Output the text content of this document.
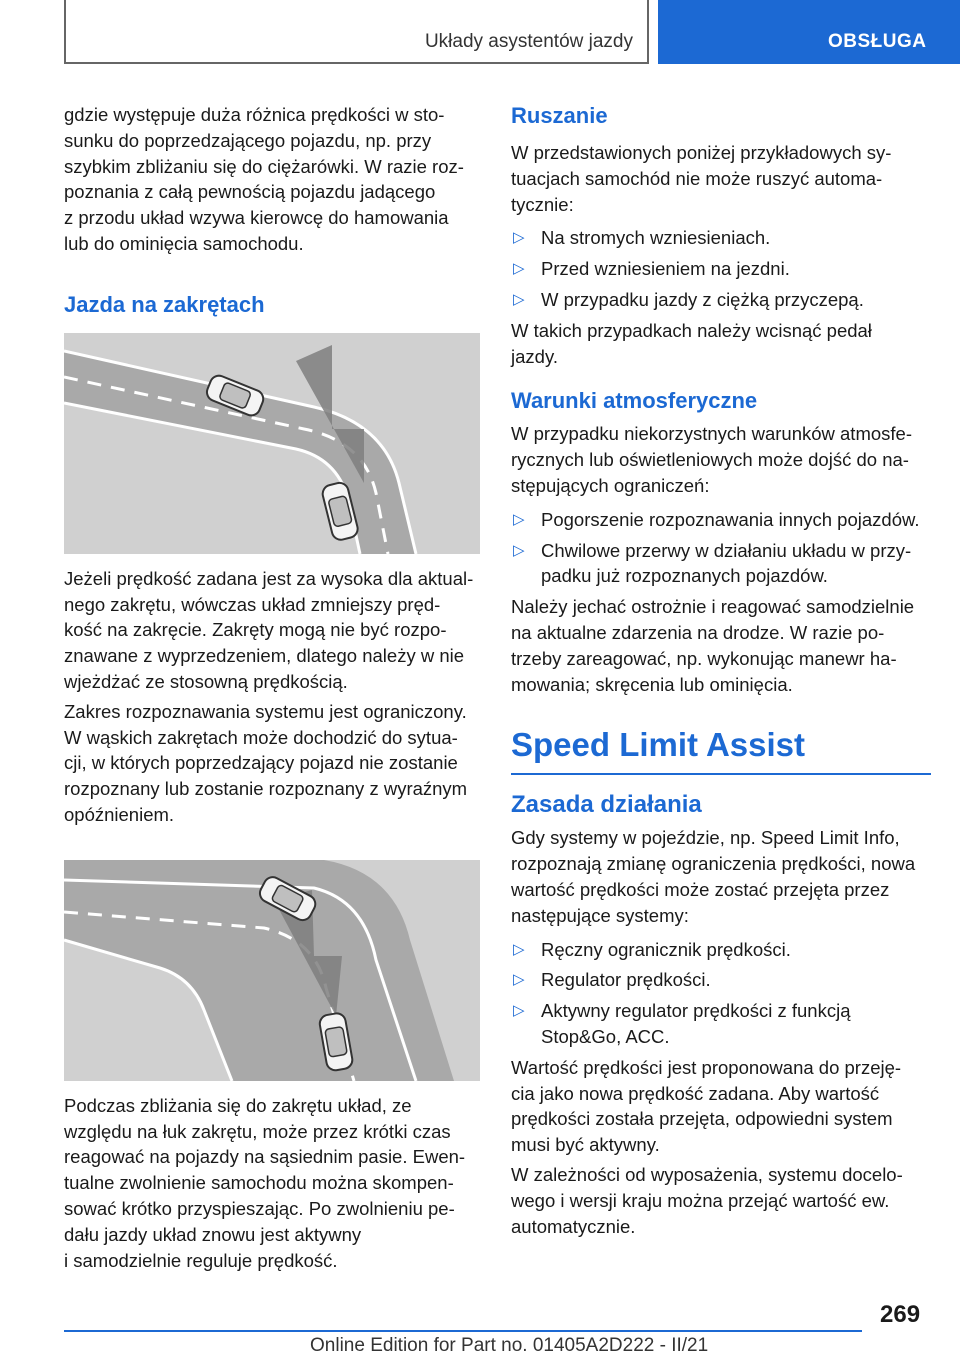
Układy asystentów jazdy	OBSŁUGA

gdzie występuje duża różnica prędkości w sto-
sunku do poprzedzającego pojazdu, np. przy
szybkim zbliżaniu się do ciężarówki. W razie roz-
poznania z całą pewnością pojazdu jadącego
z przodu układ wzywa kierowcę do hamowania
lub do ominięcia samochodu.

Jazda na zakrętach

Jeżeli prędkość zadana jest za wysoka dla aktual-
nego zakrętu, wówczas układ zmniejszy pręd-
kość na zakręcie. Zakręty mogą nie być rozpo-
znawane z wyprzedzeniem, dlatego należy w nie
wjeżdżać ze stosowną prędkością.

Zakres rozpoznawania systemu jest ograniczony.
W wąskich zakrętach może dochodzić do sytua-
cji, w których poprzedzający pojazd nie zostanie
rozpoznany lub zostanie rozpoznany z wyraźnym
opóźnieniem.

Podczas zbliżania się do zakrętu układ, ze
względu na łuk zakrętu, może przez krótki czas
reagować na pojazdy na sąsiednim pasie. Ewen-
tualne zwolnienie samochodu można skompen-
sować krótko przyspieszając. Po zwolnieniu pe-
dału jazdy układ znowu jest aktywny
i samodzielnie reguluje prędkość.

Ruszanie

W przedstawionych poniżej przykładowych sy-
tuacjach samochód nie może ruszyć automa-
tycznie:

▷ Na stromych wzniesieniach.
▷ Przed wzniesieniem na jezdni.
▷ W przypadku jazdy z ciężką przyczepą.

W takich przypadkach należy wcisnąć pedał
jazdy.

Warunki atmosferyczne

W przypadku niekorzystnych warunków atmosfe-
rycznych lub oświetleniowych może dojść do na-
stępujących ograniczeń:

▷ Pogorszenie rozpoznawania innych pojazdów.
▷ Chwilowe przerwy w działaniu układu w przy-
padku już rozpoznanych pojazdów.

Należy jechać ostrożnie i reagować samodzielnie
na aktualne zdarzenia na drodze. W razie po-
trzeby zareagować, np. wykonując manewr ha-
mowania; skręcenia lub ominięcia.

Speed Limit Assist
Zasada działania

Gdy systemy w pojeździe, np. Speed Limit Info,
rozpoznają zmianę ograniczenia prędkości, nowa
wartość prędkości może zostać przejęta przez
następujące systemy:

▷ Ręczny ogranicznik prędkości.
▷ Regulator prędkości.
▷ Aktywny regulator prędkości z funkcją
Stop&Go, ACC.

Wartość prędkości jest proponowana do przeję-
cia jako nowa prędkość zadana. Aby wartość
prędkości została przejęta, odpowiedni system
musi być aktywny.

W zależności od wyposażenia, systemu docelo-
wego i wersji kraju można przejąć wartość ew.
automatycznie.

269
Online Edition for Part no. 01405A2D222 - II/21
